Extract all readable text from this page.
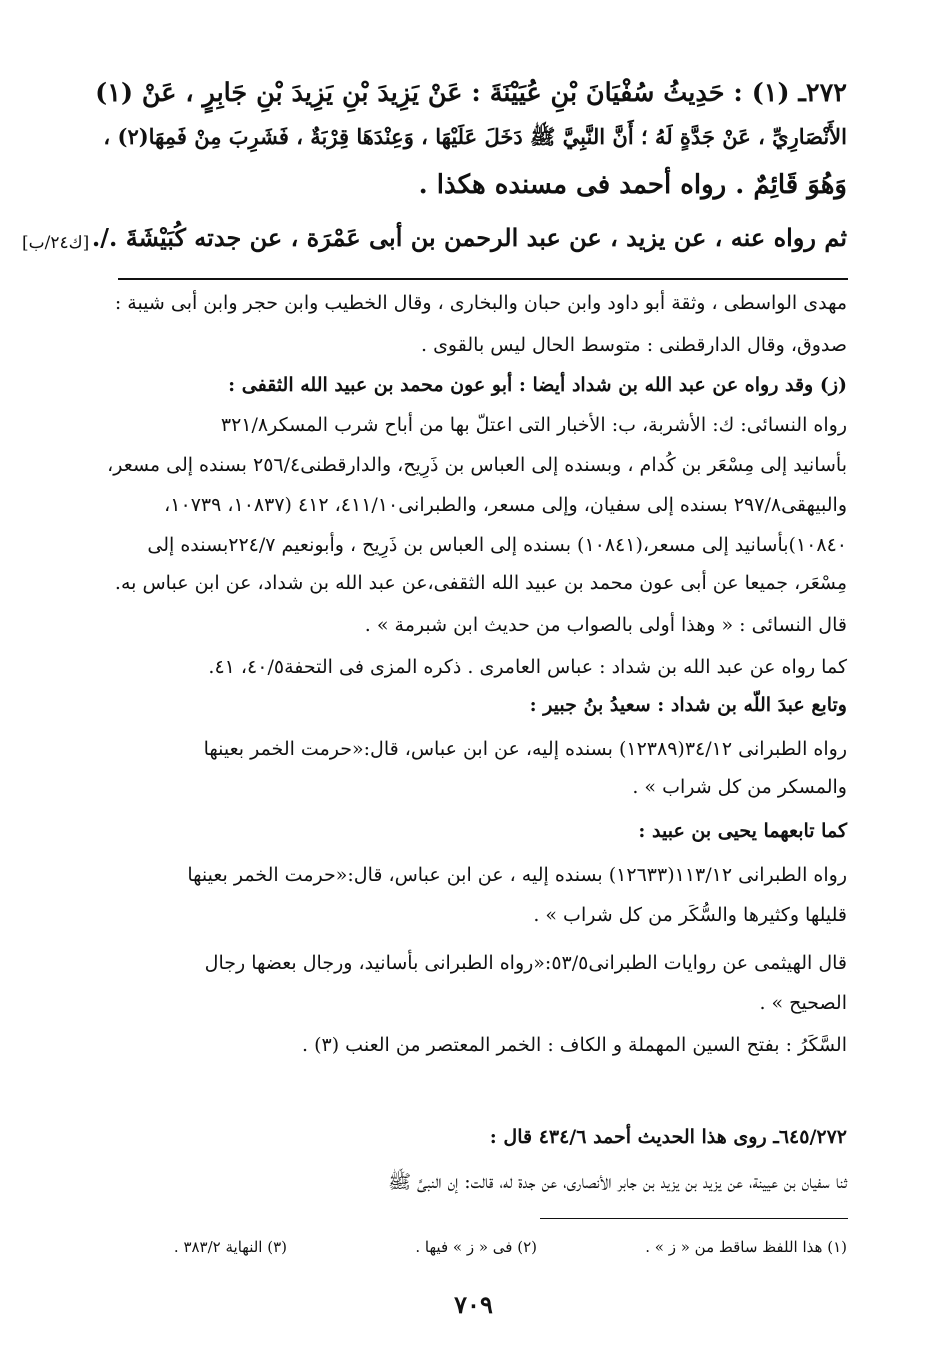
٢٧٢ـ (١) : حَدِيثُ سُفْيَانَ بْنِ عُيَيْنَةَ : عَنْ يَزِيدَ بْنِ يَزِيدَ بْنِ جَابِرٍ ، عَنْ (١)
الأَنْصَارِيِّ ، عَنْ جَدَّةٍ لَهُ ؛ أَنَّ النَّبِيَّ ﷺ دَخَلَ عَلَيْهَا ، وَعِنْدَهَا قِرْبَةٌ ، فَشَرِبَ مِنْ فَمِهَا(٢) ،
وَهُوَ قَائِمٌ . رواه أحمد فى مسنده هكذا .
ثم رواه عنه ، عن يزيد ، عن عبد الرحمن بن أبى عَمْرَة ، عن جدته كُبَيْشَةَ ./.
[ك٢٤/ب]
مهدى الواسطى ، وثقة أبو داود وابن حبان والبخارى ، وقال الخطيب وابن حجر وابن أبى شيبة :
صدوق، وقال الدارقطنى : متوسط الحال ليس بالقوى .
(ز) وقد رواه عن عبد الله بن شداد أيضا : أبو عون محمد بن عبيد الله الثقفى :
رواه النسائى: ك: الأشربة، ب: الأخبار التى اعتلّ بها من أباح شرب المسكر٣٢١/٨
بأسانيد إلى مِسْعَر بن كُدام ، وبسنده إلى العباس بن ذَرِيح، والدارقطنى٢٥٦/٤ بسنده إلى مسعر،
والبيهقى٢٩٧/٨ بسنده إلى سفيان، وإلى مسعر، والطبرانى٤١١/١٠، ٤١٢ (١٠٨٣٧، ١٠٧٣٩،
١٠٨٤٠)بأسانيد إلى مسعر،(١٠٨٤١) بسنده إلى العباس بن ذَرِيح ، وأبونعيم ٢٢٤/٧بسنده إلى
مِسْعَر، جميعا عن أبى عون محمد بن عبيد الله الثقفى،عن عبد الله بن شداد، عن ابن عباس به.
قال النسائى : « وهذا أولى بالصواب من حديث ابن شبرمة » .
كما رواه عن عبد الله بن شداد : عباس العامرى . ذكره المزى فى التحفة٤٠/٥، ٤١.
وتابع عبدَ اللّه بن شداد : سعيدُ بنُ جبير :
رواه الطبرانى ٣٤/١٢(١٢٣٨٩) بسنده إليه، عن ابن عباس، قال:«حرمت الخمر بعينها
والمسكر من كل شراب » .
كما تابعهما يحيى بن عبيد :
رواه الطبرانى ١١٣/١٢(١٢٦٣٣) بسنده إليه ، عن ابن عباس، قال:«حرمت الخمر بعينها
قليلها وكثيرها والسُّكَر من كل شراب » .
قال الهيثمى عن روايات الطبرانى٥٣/٥:«رواه الطبرانى بأسانيد، ورجال بعضها رجال
الصحيح » .
السَّكَرُ : بفتح السين المهملة و الكاف : الخمر المعتصر من العنب (٣) .
٦٤٥/٢٧٢ـ روى هذا الحديث أحمد ٤٣٤/٦ قال :
ثنا سفيان بن عيينة، عن يزيد بن يزيد بن جابر الأنصارى، عن جدة له، قالت: إن النبىَّ ﷺ
(١) هذا اللفظ ساقط من « ز » .
(٢) فى « ز » فيها .
(٣) النهاية ٣٨٣/٢ .
٧٠٩
